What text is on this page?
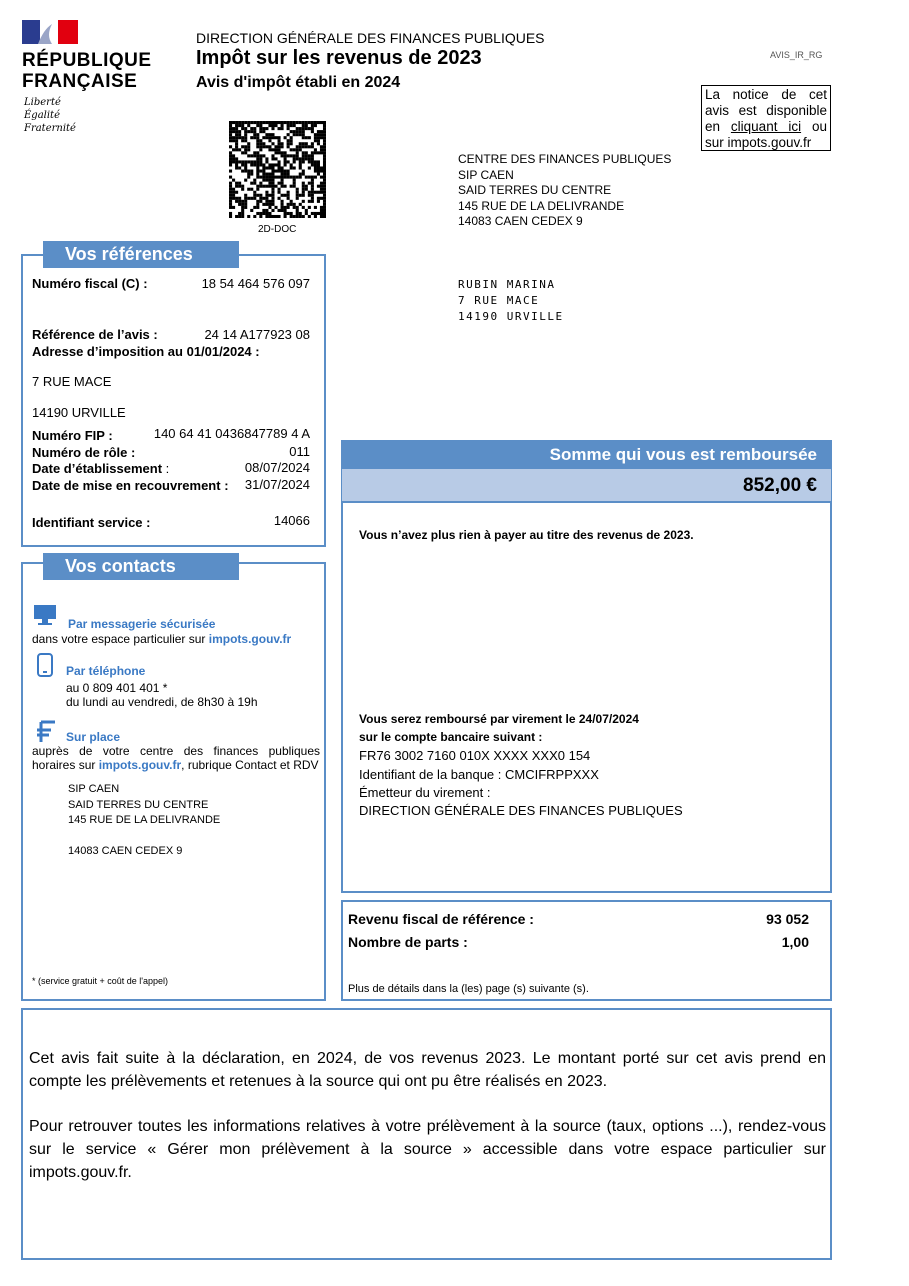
RÉPUBLIQUE
FRANÇAISE
Liberté
Égalité
Fraternité
DIRECTION GÉNÉRALE DES FINANCES PUBLIQUES
Impôt sur les revenus de 2023
Avis d'impôt établi en 2024
AVIS_IR_RG
La notice de cet avis est disponible en cliquant ici ou sur impots.gouv.fr
2D-DOC
CENTRE DES FINANCES PUBLIQUES
SIP CAEN
SAID TERRES DU CENTRE
145 RUE DE LA DELIVRANDE
14083 CAEN CEDEX 9
RUBIN MARINA
7 RUE MACE
14190 URVILLE
Vos références
Numéro fiscal (C) :	18 54 464 576 097
Référence de l’avis :	24 14 A177923 08
Adresse d’imposition au 01/01/2024 :
7 RUE MACE
14190 URVILLE
Numéro FIP :	140 64 41 0436847789 4 A
Numéro de rôle :	011
Date d’établissement :	08/07/2024
Date de mise en recouvrement : 31/07/2024
Identifiant service :	14066
Vos contacts
Par messagerie sécurisée
dans votre espace particulier sur impots.gouv.fr
Par téléphone
au 0 809 401 401 *
du lundi au vendredi, de 8h30 à 19h
Sur place
auprès de votre centre des finances publiques
horaires sur impots.gouv.fr, rubrique Contact et RDV
SIP CAEN
SAID TERRES DU CENTRE
145 RUE DE LA DELIVRANDE
14083 CAEN CEDEX 9
* (service gratuit + coût de l'appel)
Somme qui vous est remboursée
852,00 €
Vous n’avez plus rien à payer au titre des revenus de 2023.
Vous serez remboursé par virement le 24/07/2024
sur le compte bancaire suivant :
FR76 3002 7160 010X XXXX XXX0 154
Identifiant de la banque : CMCIFRPPXXX
Émetteur du virement :
DIRECTION GÉNÉRALE DES FINANCES PUBLIQUES
Revenu fiscal de référence :	93 052
Nombre de parts :	1,00
Plus de détails dans la (les) page (s) suivante (s).
Cet avis fait suite à la déclaration, en 2024, de vos revenus 2023. Le montant porté sur cet avis prend en compte les prélèvements et retenues à la source qui ont pu être réalisés en 2023.
Pour retrouver toutes les informations relatives à votre prélèvement à la source (taux, options ...), rendez-vous sur le service « Gérer mon prélèvement à la source » accessible dans votre espace particulier sur impots.gouv.fr.
